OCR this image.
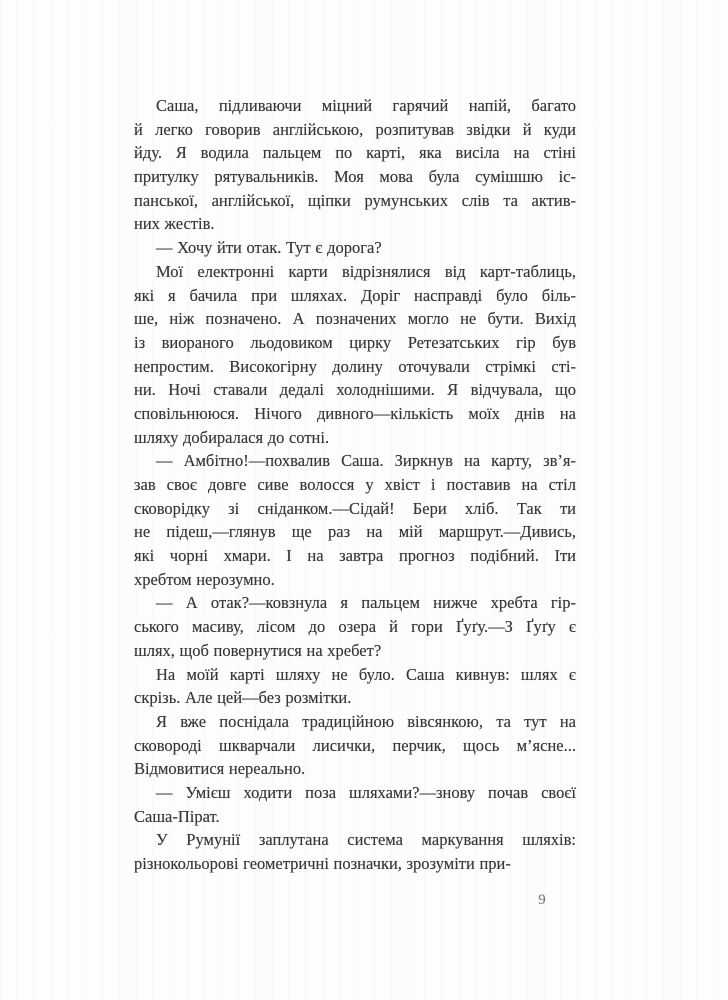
Саша, підливаючи міцний гарячий напій, багато
й легко говорив англійською, розпитував звідки й куди
йду. Я водила пальцем по карті, яка висіла на стіні
притулку рятувальників. Моя мова була сумішшю іс-
панської, англійської, щіпки румунських слів та актив-
них жестів.
— Хочу йти отак. Тут є дорога?
Мої електронні карти відрізнялися від карт-таблиць,
які я бачила при шляхах. Доріг насправді було біль-
ше, ніж позначено. А позначених могло не бути. Вихід
із виораного льодовиком цирку Ретезатських гір був
непростим. Високогірну долину оточували стрімкі сті-
ни. Ночі ставали дедалі холоднішими. Я відчувала, що
сповільнююся. Нічого дивного—кількість моїх днів на
шляху добиралася до сотні.
— Амбітно!—похвалив Саша. Зиркнув на карту, зв’я-
зав своє довге сиве волосся у хвіст і поставив на стіл
сковорідку зі сніданком.—Сідай! Бери хліб. Так ти
не підеш,—глянув ще раз на мій маршрут.—Дивись,
які чорні хмари. І на завтра прогноз подібний. Іти
хребтом нерозумно.
— А отак?—ковзнула я пальцем нижче хребта гір-
ського масиву, лісом до озера й гори Ґуґу.—З Ґуґу є
шлях, щоб повернутися на хребет?
На моїй карті шляху не було. Саша кивнув: шлях є
скрізь. Але цей—без розмітки.
Я вже поснідала традиційною вівсянкою, та тут на
сковороді шкварчали лисички, перчик, щось м’ясне...
Відмовитися нереально.
— Умієш ходити поза шляхами?—знову почав своєї
Саша-Пірат.
У Румунії заплутана система маркування шляхів:
різнокольорові геометричні позначки, зрозуміти при-
9
